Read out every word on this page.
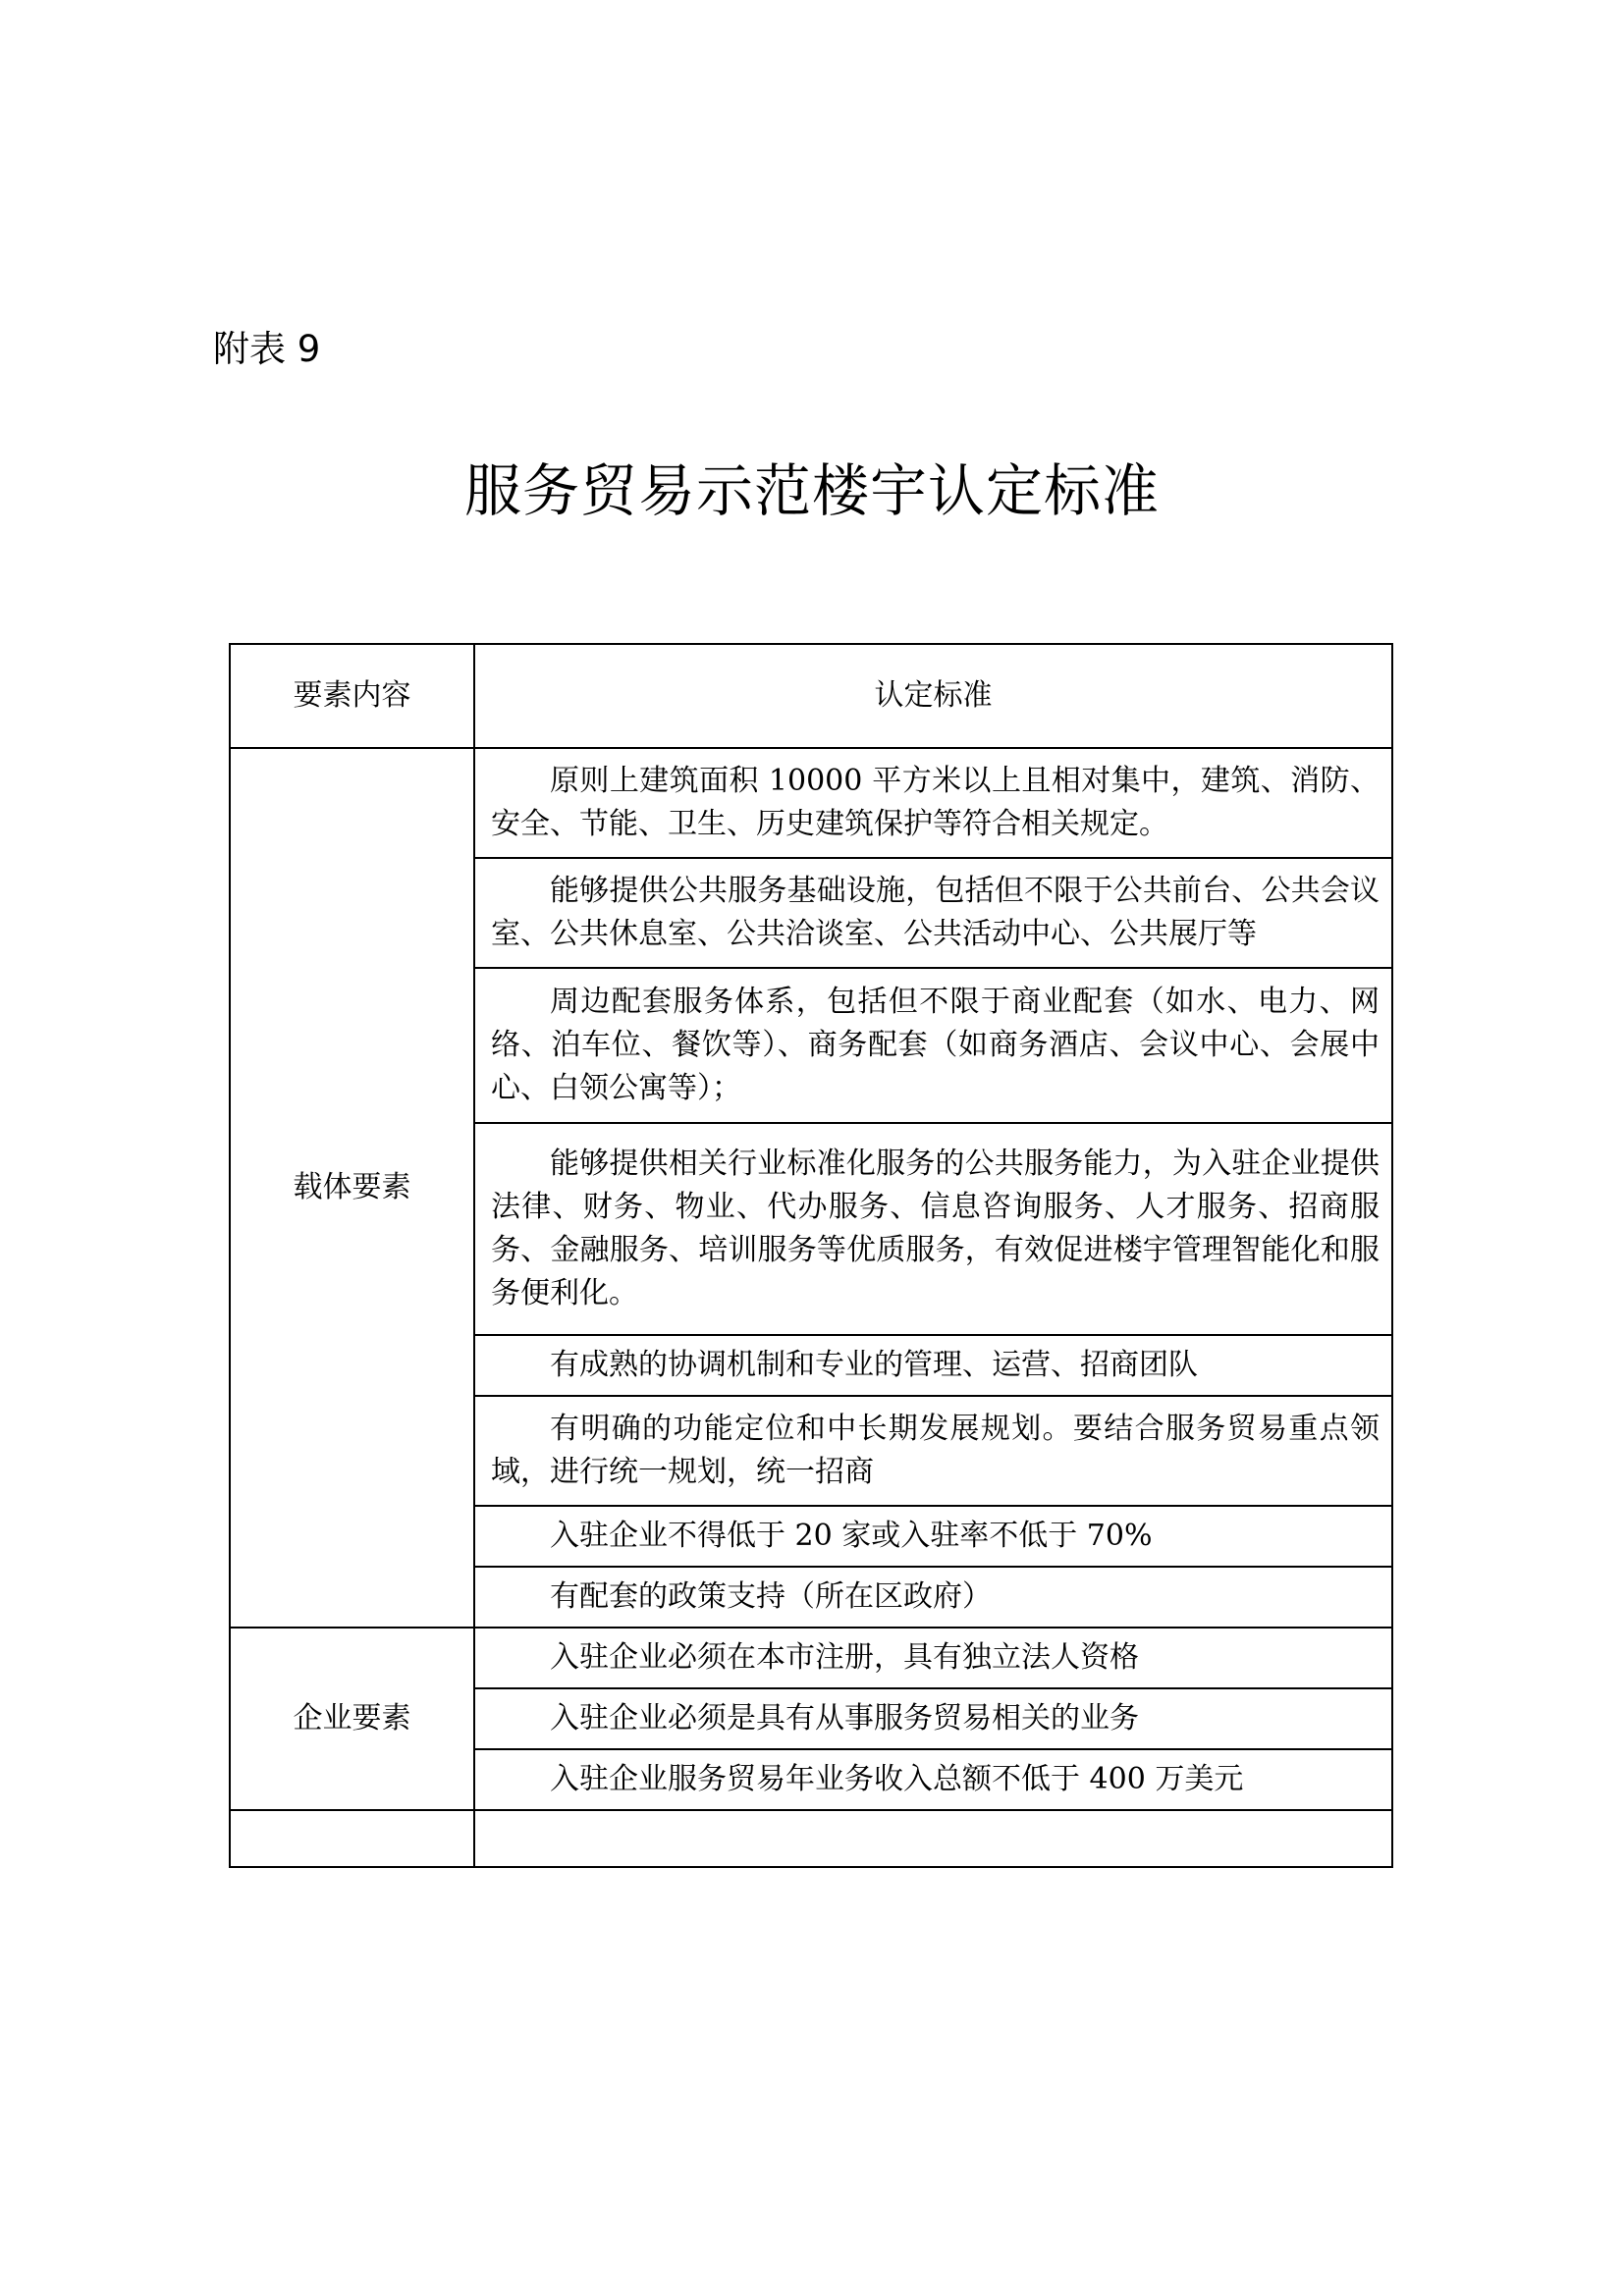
附表 9
服务贸易示范楼宇认定标准
要素内容	认定标准
载体要素	原则上建筑面积 10000 平方米以上且相对集中，建筑、消防、安全、节能、卫生、历史建筑保护等符合相关规定。
	能够提供公共服务基础设施，包括但不限于公共前台、公共会议室、公共休息室、公共洽谈室、公共活动中心、公共展厅等
	周边配套服务体系，包括但不限于商业配套（如水、电力、网络、泊车位、餐饮等）、商务配套（如商务酒店、会议中心、会展中心、白领公寓等）；
	能够提供相关行业标准化服务的公共服务能力，为入驻企业提供法律、财务、物业、代办服务、信息咨询服务、人才服务、招商服务、金融服务、培训服务等优质服务，有效促进楼宇管理智能化和服务便利化。
	有成熟的协调机制和专业的管理、运营、招商团队
	有明确的功能定位和中长期发展规划。要结合服务贸易重点领域，进行统一规划，统一招商
	入驻企业不得低于 20 家或入驻率不低于 70%
	有配套的政策支持（所在区政府）
企业要素	入驻企业必须在本市注册，具有独立法人资格
	入驻企业必须是具有从事服务贸易相关的业务
	入驻企业服务贸易年业务收入总额不低于 400 万美元
